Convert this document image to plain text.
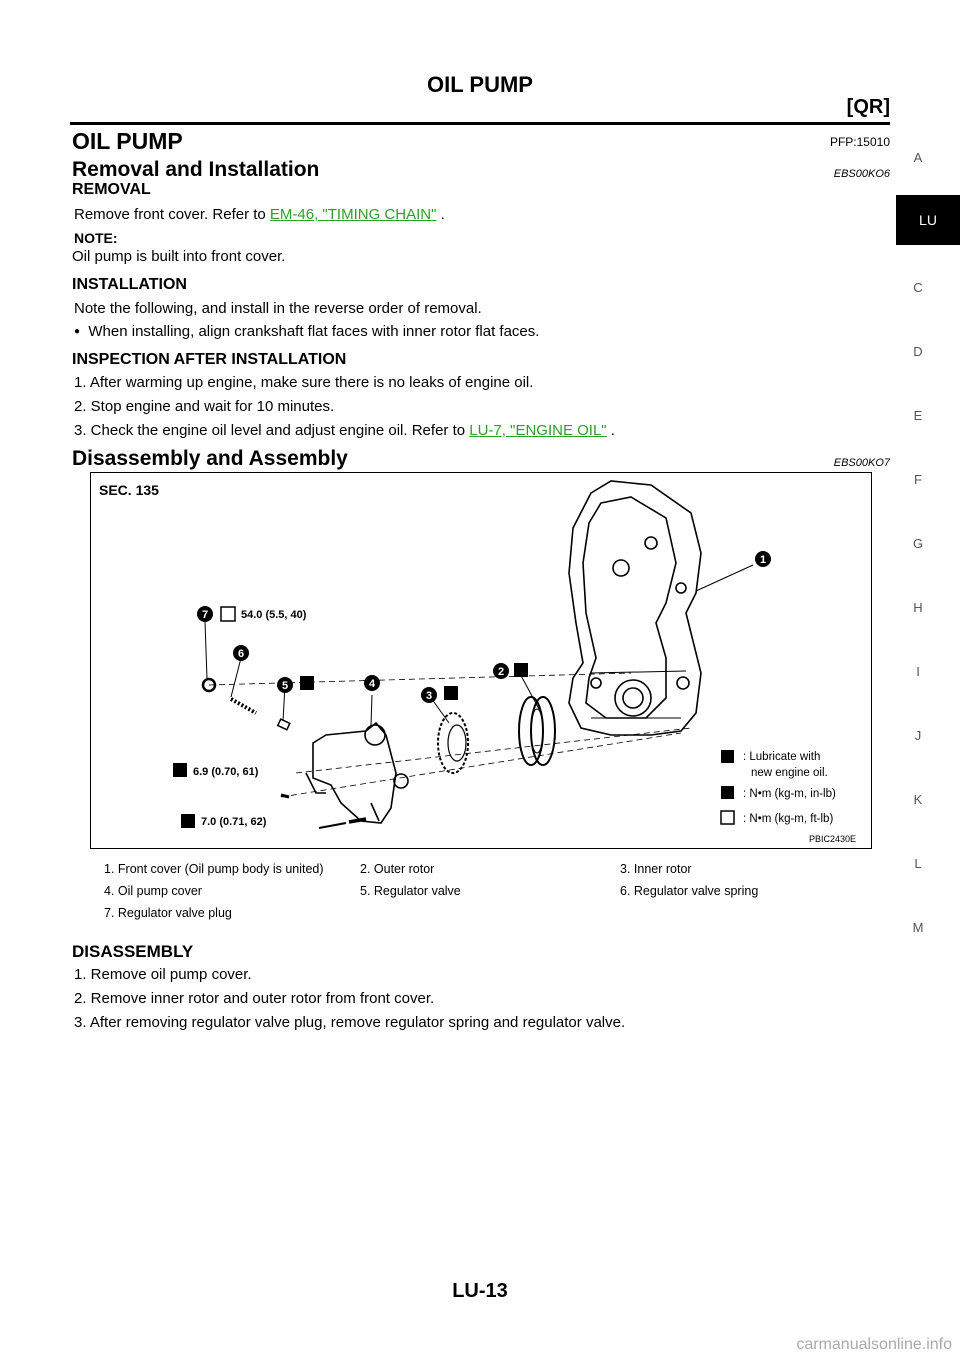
OIL PUMP
[QR]
A
LU
C
D
E
F
G
H
I
J
K
L
M
OIL PUMP	PFP:15010
Removal and Installation	EBS00KO6
REMOVAL
Remove front cover. Refer to EM-46, "TIMING CHAIN" .
NOTE:
Oil pump is built into front cover.
INSTALLATION
Note the following, and install in the reverse order of removal.
● When installing, align crankshaft flat faces with inner rotor flat faces.
INSPECTION AFTER INSTALLATION
1. After warming up engine, make sure there is no leaks of engine oil.
2. Stop engine and wait for 10 minutes.
3. Check the engine oil level and adjust engine oil. Refer to LU-7, "ENGINE OIL" .
Disassembly and Assembly	EBS00KO7
SEC. 135
1
2
3
4
5
6
7	54.0 (5.5, 40)
6.9 (0.70, 61)
7.0 (0.71, 62)
: Lubricate with
new engine oil.
: N•m (kg-m, in-lb)
: N•m (kg-m, ft-lb)
PBIC2430E
1. Front cover (Oil pump body is united)	2. Outer rotor	3. Inner rotor
4. Oil pump cover	5. Regulator valve	6. Regulator valve spring
7. Regulator valve plug
DISASSEMBLY
1. Remove oil pump cover.
2. Remove inner rotor and outer rotor from front cover.
3. After removing regulator valve plug, remove regulator spring and regulator valve.
LU-13
carmanualsonline.info
